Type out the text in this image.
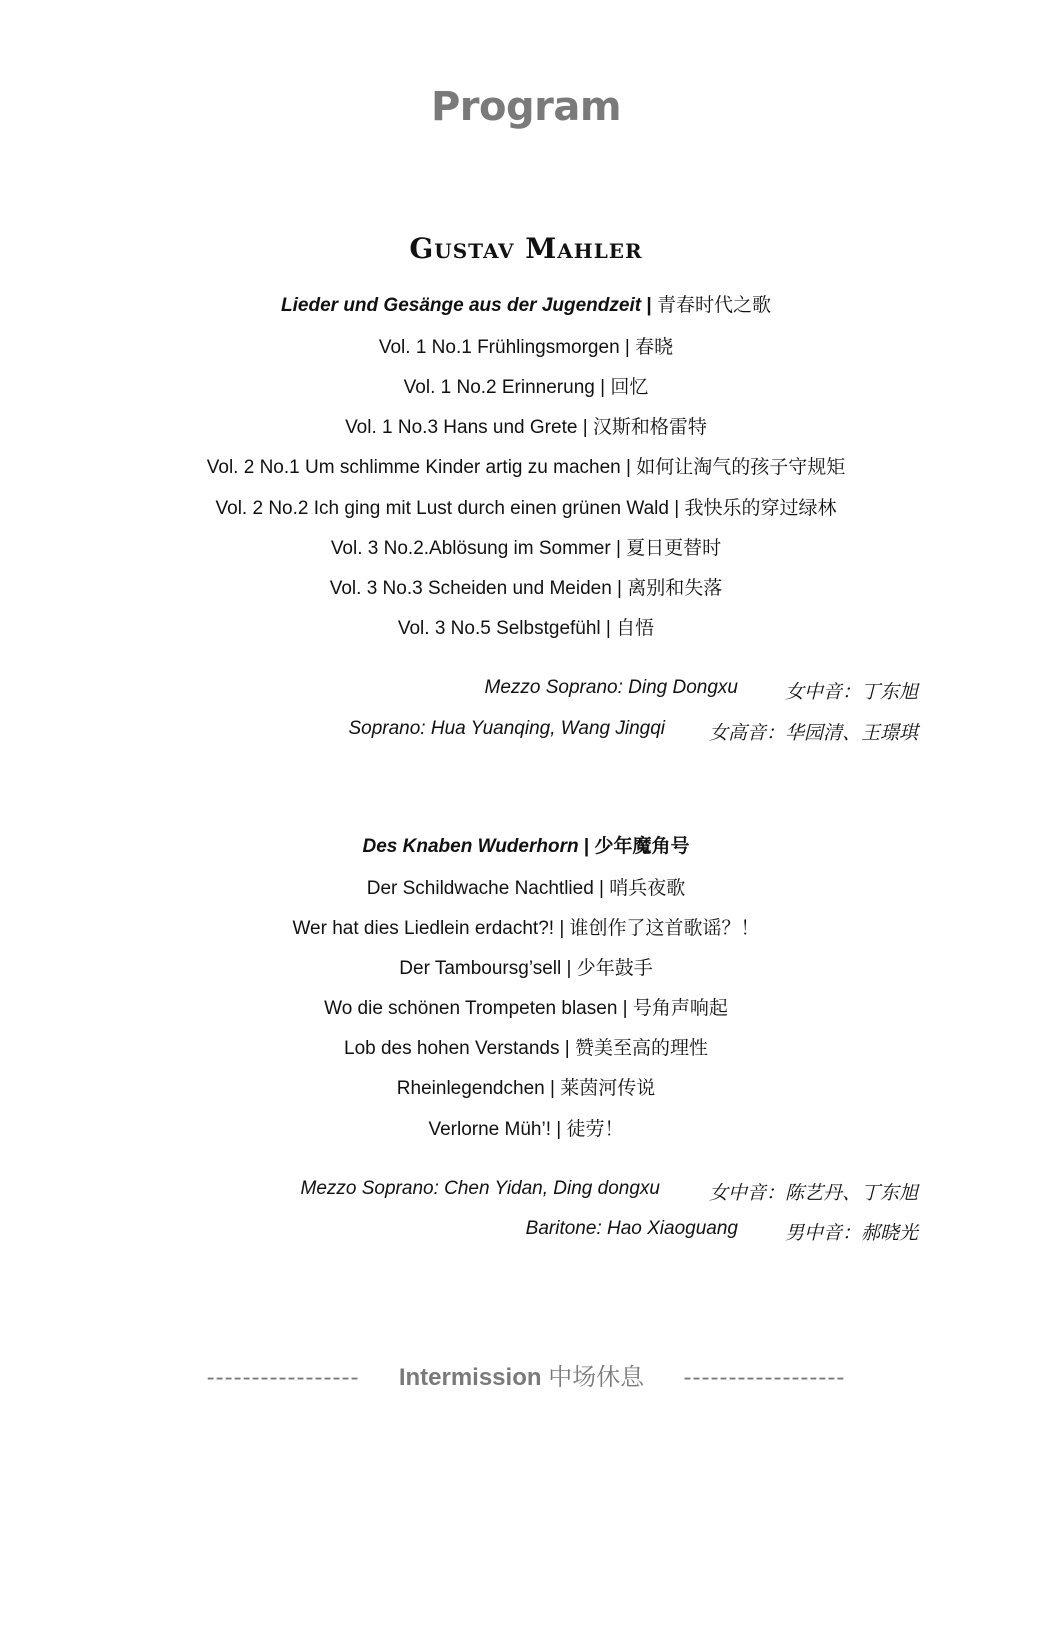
Program
Gustav Mahler
Lieder und Gesänge aus der Jugendzeit | 青春时代之歌
Vol. 1 No.1 Frühlingsmorgen | 春晓
Vol. 1 No.2 Erinnerung | 回忆
Vol. 1 No.3 Hans und Grete | 汉斯和格雷特
Vol. 2 No.1 Um schlimme Kinder artig zu machen | 如何让淘气的孩子守规矩
Vol. 2 No.2 Ich ging mit Lust durch einen grünen Wald | 我快乐的穿过绿林
Vol. 3 No.2.Ablösung im Sommer | 夏日更替时
Vol. 3 No.3 Scheiden und Meiden | 离别和失落
Vol. 3 No.5 Selbstgefühl | 自悟
Mezzo Soprano: Ding Dongxu 女中音：丁东旭
Soprano: Hua Yuanqing, Wang Jingqi 女高音：华园清、王璟琪
Des Knaben Wuderhorn | 少年魔角号
Der Schildwache Nachtlied | 哨兵夜歌
Wer hat dies Liedlein erdacht?! | 谁创作了这首歌谣？！
Der Tamboursg’sell | 少年鼓手
Wo die schönen Trompeten blasen | 号角声响起
Lob des hohen Verstands | 赞美至高的理性
Rheinlegendchen | 莱茵河传说
Verlorne Müh’! | 徒劳！
Mezzo Soprano: Chen Yidan, Ding dongxu	女中音：陈艺丹、丁东旭
Baritone: Hao Xiaoguang 男中音：郝晓光
----------------- Intermission 中场休息 ------------------
